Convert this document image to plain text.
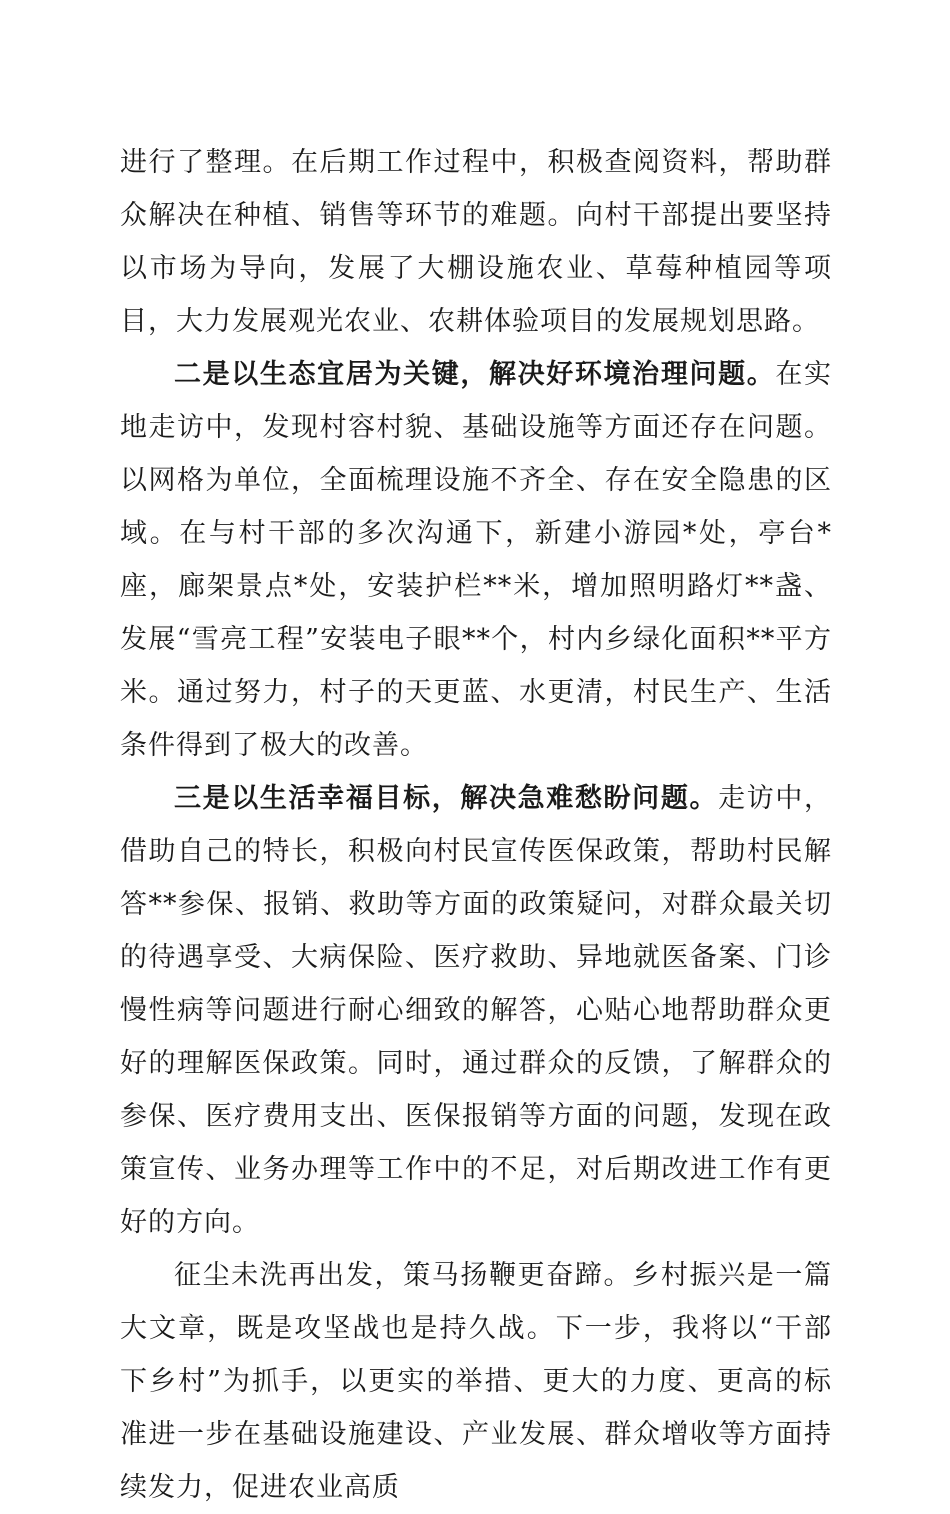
进行了整理。在后期工作过程中，积极查阅资料，帮助群众解决在种植、销售等环节的难题。向村干部提出要坚持以市场为导向，发展了大棚设施农业、草莓种植园等项目，大力发展观光农业、农耕体验项目的发展规划思路。

二是以生态宜居为关键，解决好环境治理问题。在实地走访中，发现村容村貌、基础设施等方面还存在问题。以网格为单位，全面梳理设施不齐全、存在安全隐患的区域。在与村干部的多次沟通下，新建小游园*处，亭台*座，廊架景点*处，安装护栏**米，增加照明路灯**盏、发展“雪亮工程”安装电子眼**个，村内乡绿化面积**平方米。通过努力，村子的天更蓝、水更清，村民生产、生活条件得到了极大的改善。

三是以生活幸福目标，解决急难愁盼问题。走访中，借助自己的特长，积极向村民宣传医保政策，帮助村民解答**参保、报销、救助等方面的政策疑问，对群众最关切的待遇享受、大病保险、医疗救助、异地就医备案、门诊慢性病等问题进行耐心细致的解答，心贴心地帮助群众更好的理解医保政策。同时，通过群众的反馈，了解群众的参保、医疗费用支出、医保报销等方面的问题，发现在政策宣传、业务办理等工作中的不足，对后期改进工作有更好的方向。

征尘未洗再出发，策马扬鞭更奋蹄。乡村振兴是一篇大文章，既是攻坚战也是持久战。下一步，我将以“干部下乡村”为抓手，以更实的举措、更大的力度、更高的标准进一步在基础设施建设、产业发展、群众增收等方面持续发力，促进农业高质
